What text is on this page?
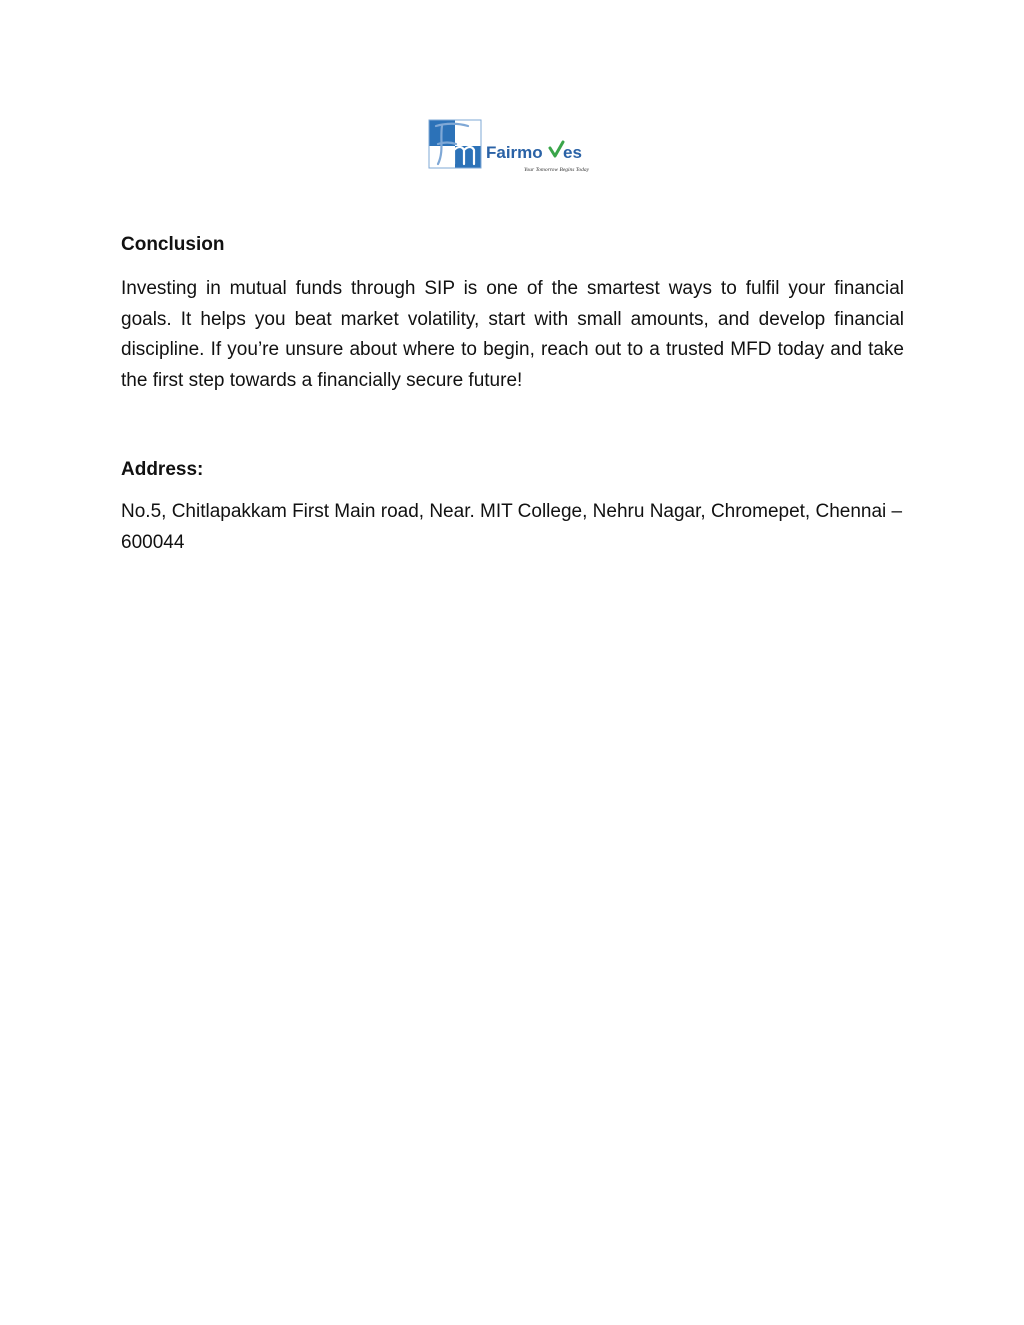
Fairmo es
Your Tomorrow Begins Today
Conclusion

Investing in mutual funds through SIP is one of the smartest ways to fulfil your financial goals. It helps you beat market volatility, start with small amounts, and develop financial discipline. If you’re unsure about where to begin, reach out to a trusted MFD today and take the first step towards a financially secure future!

Address:

No.5, Chitlapakkam First Main road, Near. MIT College, Nehru Nagar, Chromepet, Chennai – 600044
